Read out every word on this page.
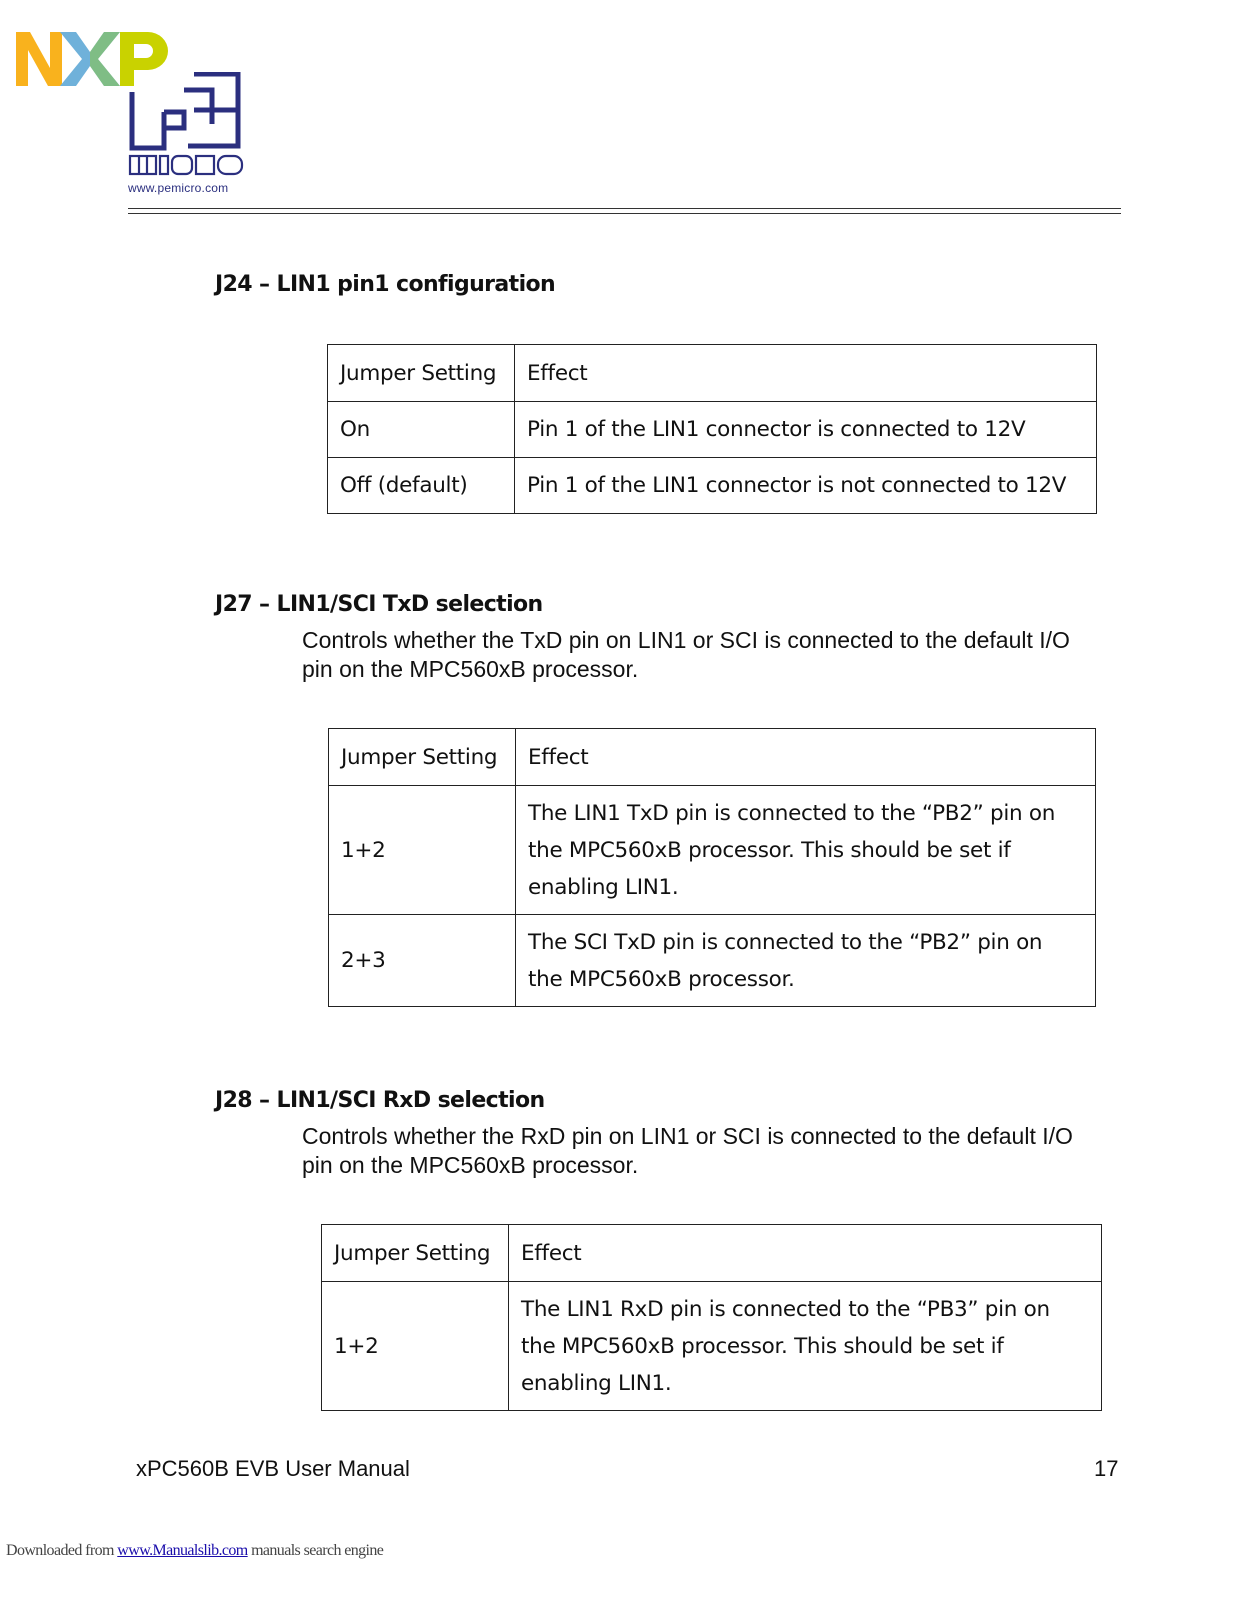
www.pemicro.com
J24 – LIN1 pin1 configuration
Jumper Setting	Effect
On	Pin 1 of the LIN1 connector is connected to 12V
Off (default)	Pin 1 of the LIN1 connector is not connected to 12V
J27 – LIN1/SCI TxD selection
Controls whether the TxD pin on LIN1 or SCI is connected to the default I/O
pin on the MPC560xB processor.
Jumper Setting	Effect
1+2	The LIN1 TxD pin is connected to the “PB2” pin on the MPC560xB processor. This should be set if enabling LIN1.
2+3	The SCI TxD pin is connected to the “PB2” pin on the MPC560xB processor.
J28 – LIN1/SCI RxD selection
Controls whether the RxD pin on LIN1 or SCI is connected to the default I/O
pin on the MPC560xB processor.
Jumper Setting	Effect
1+2	The LIN1 RxD pin is connected to the “PB3” pin on the MPC560xB processor. This should be set if enabling LIN1.
xPC560B EVB User Manual	17
Downloaded from www.Manualslib.com manuals search engine
